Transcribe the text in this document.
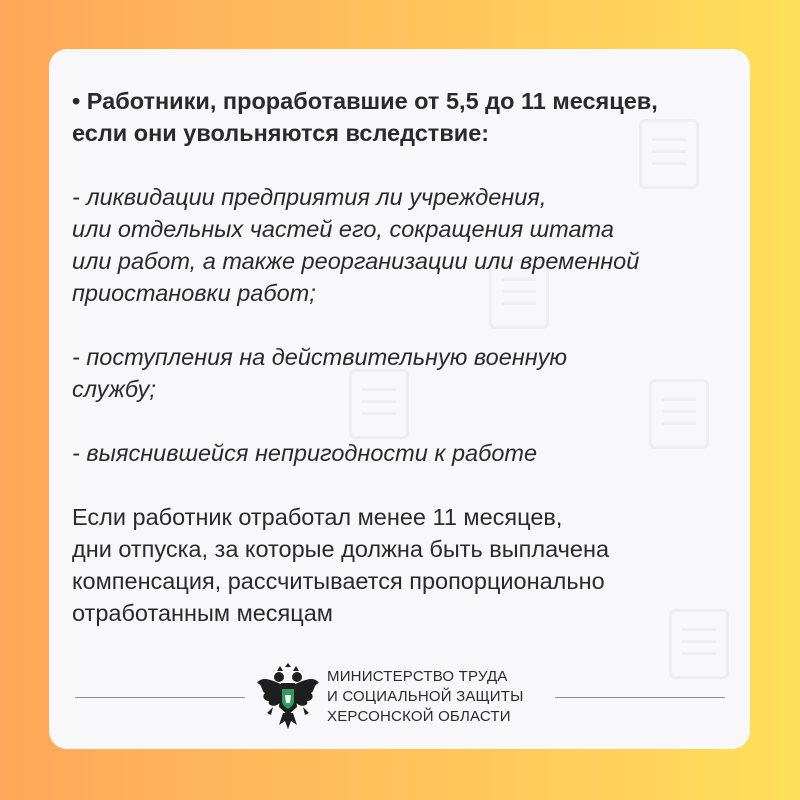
• Работники, проработавшие от 5,5 до 11 месяцев,
если они увольняются вследствие:

- ликвидации предприятия ли учреждения,
или отдельных частей его, сокращения штата
или работ, а также реорганизации или временной
приостановки работ;

- поступления на действительную военную
службу;

- выяснившейся непригодности к работе

Если работник отработал менее 11 месяцев,
дни отпуска, за которые должна быть выплачена
компенсация, рассчитывается пропорционально
отработанным месяцам

МИНИСТЕРСТВО ТРУДА
И СОЦИАЛЬНОЙ ЗАЩИТЫ
ХЕРСОНСКОЙ ОБЛАСТИ
